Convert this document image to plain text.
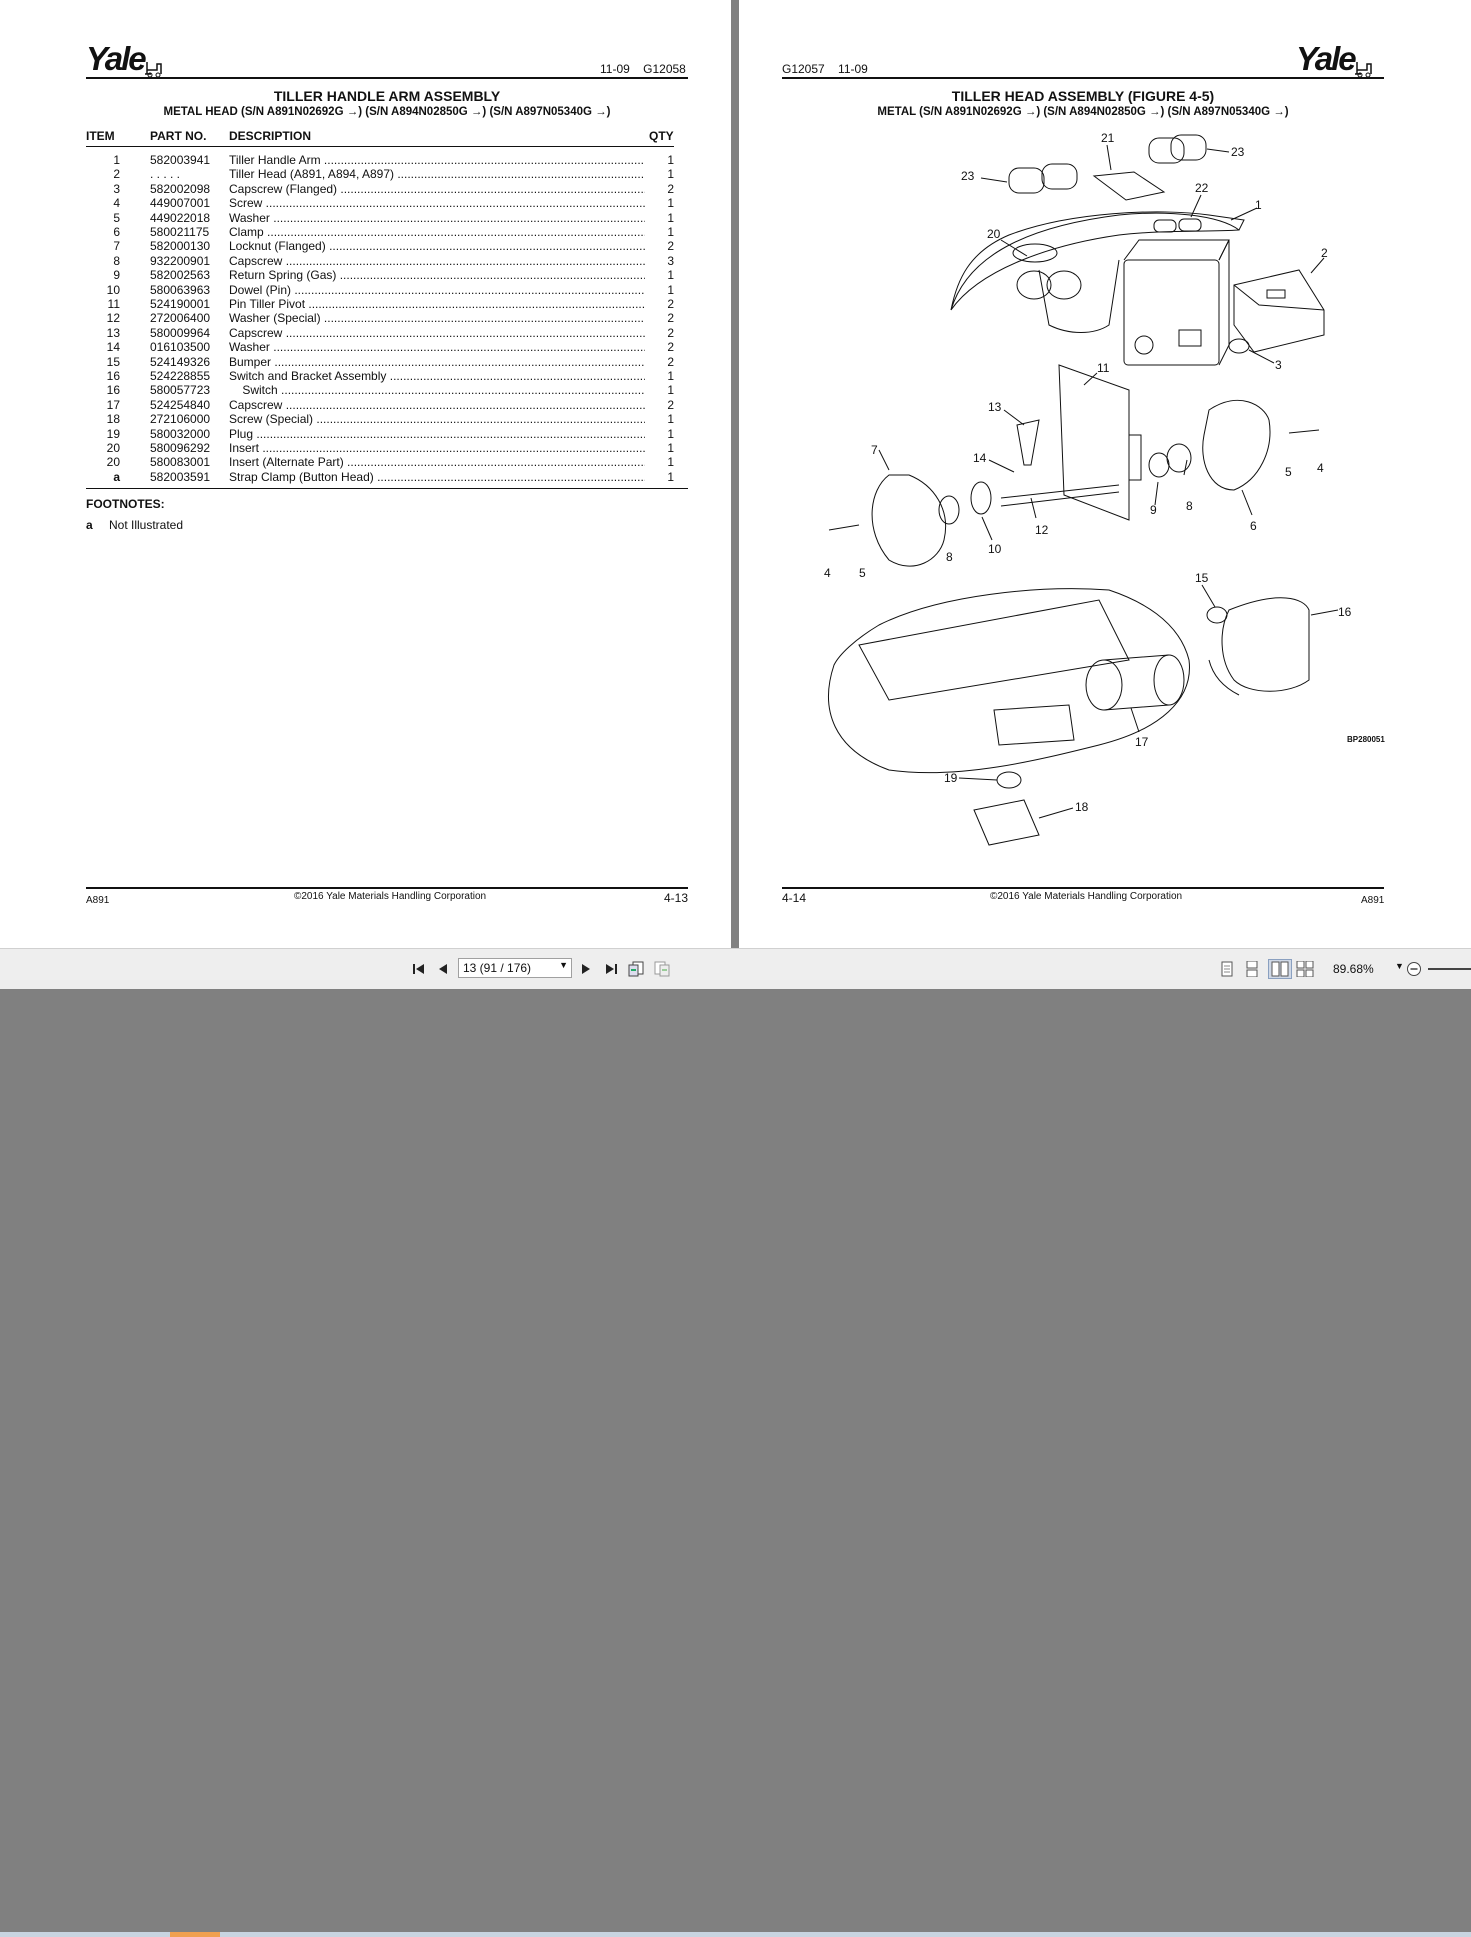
Yale	11-09    G12058
TILLER HANDLE ARM ASSEMBLY
METAL HEAD (S/N A891N02692G →) (S/N A894N02850G →) (S/N A897N05340G →)
ITEM	PART NO. DESCRIPTION	QTY
1	582003941 Tiller Handle Arm .....	1
2	. . . . .	Tiller Head (A891, A894, A897) .....	1
3	582002098 Capscrew (Flanged) .....	2
4	449007001 Screw .....	1
5	449022018 Washer .....	1
6	580021175 Clamp .....	1
7	582000130 Locknut (Flanged) .....	2
8	932200901 Capscrew .....	3
9	582002563 Return Spring (Gas) .....	1
10	580063963 Dowel (Pin) .....	1
11	524190001 Pin Tiller Pivot .....	2
12	272006400 Washer (Special) .....	2
13	580009964 Capscrew .....	2
14	016103500 Washer .....	2
15	524149326 Bumper .....	2
16	524228855 Switch and Bracket Assembly .....	1
16	580057723 Switch .....	1
17	524254840 Capscrew .....	2
18	272106000 Screw (Special) .....	1
19	580032000 Plug .....	1
20	580096292 Insert .....	1
20	580083001 Insert (Alternate Part) .....	1
a	582003591 Strap Clamp (Button Head) .....	1
FOOTNOTES:
a Not Illustrated
A891	©2016 Yale Materials Handling Corporation	4-13
G12057    11-09	Yale
TILLER HEAD ASSEMBLY (FIGURE 4-5)
METAL (S/N A891N02692G →) (S/N A894N02850G →) (S/N A897N05340G →)
21
23
23
22
1
20
2
3
11
13
7
14
5 4
12
9 8
6
10
8
5
4	15
16
17
19
18
BP280051
4-14	©2016 Yale Materials Handling Corporation	A891
13 (91 / 176)	▼	89.68% ▼
